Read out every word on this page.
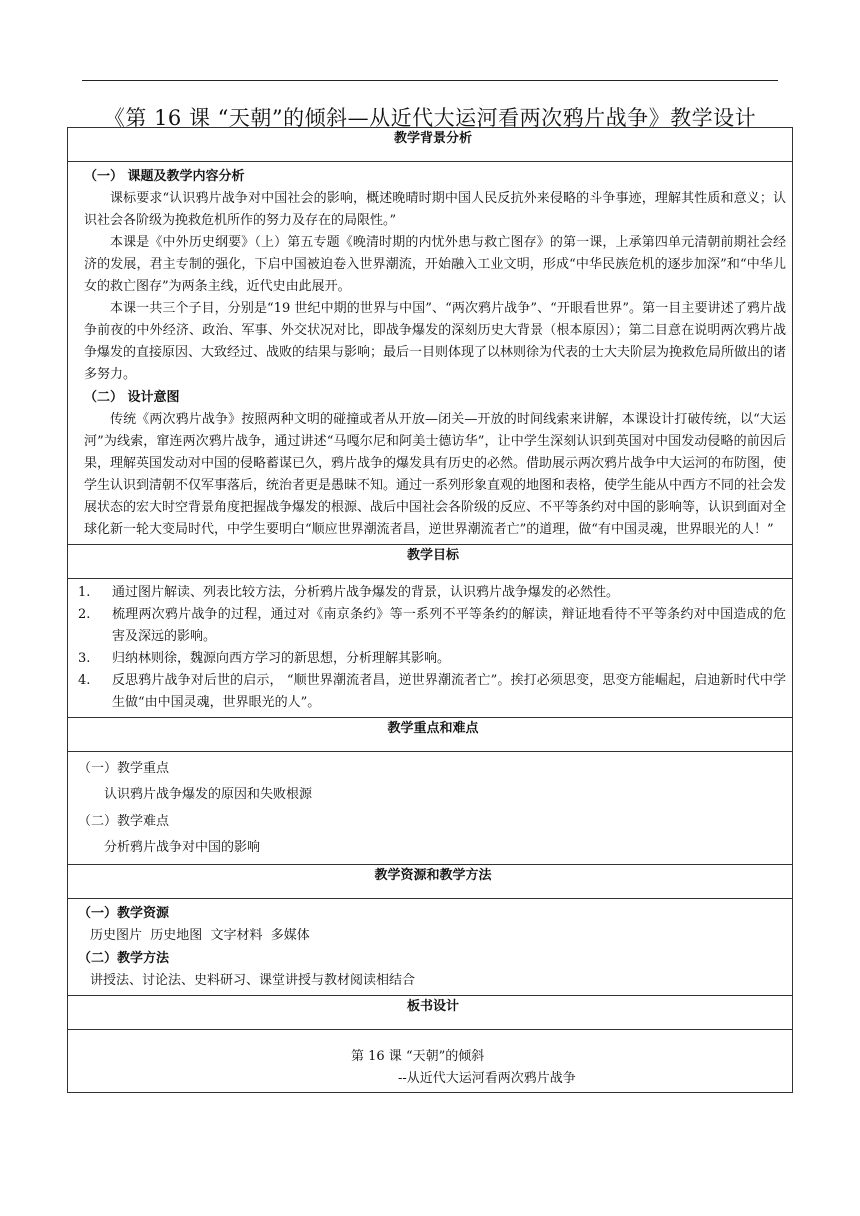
《第 16 课 “天朝”的倾斜—从近代大运河看两次鸦片战争》教学设计
教学背景分析

（一） 课题及教学内容分析

课标要求“认识鸦片战争对中国社会的影响，概述晚晴时期中国人民反抗外来侵略的斗争事迹，理解其性质和意义；认识社会各阶级为挽救危机所作的努力及存在的局限性。”

本课是《中外历史纲要》（上）第五专题《晚清时期的内忧外患与救亡图存》的第一课，上承第四单元清朝前期社会经济的发展，君主专制的强化，下启中国被迫卷入世界潮流，开始融入工业文明，形成“中华民族危机的逐步加深”和“中华儿女的救亡图存”为两条主线，近代史由此展开。

本课一共三个子目，分别是“19 世纪中期的世界与中国”、“两次鸦片战争”、“开眼看世界”。第一目主要讲述了鸦片战争前夜的中外经济、政治、军事、外交状况对比，即战争爆发的深刻历史大背景（根本原因）；第二目意在说明两次鸦片战争爆发的直接原因、大致经过、战败的结果与影响；最后一目则体现了以林则徐为代表的士大夫阶层为挽救危局所做出的诸多努力。

（二） 设计意图

传统《两次鸦片战争》按照两种文明的碰撞或者从开放—闭关—开放的时间线索来讲解，本课设计打破传统，以“大运河”为线索，窜连两次鸦片战争，通过讲述“马嘎尔尼和阿美士德访华”，让中学生深刻认识到英国对中国发动侵略的前因后果，理解英国发动对中国的侵略蓄谋已久，鸦片战争的爆发具有历史的必然。借助展示两次鸦片战争中大运河的布防图，使学生认识到清朝不仅军事落后，统治者更是愚昧不知。通过一系列形象直观的地图和表格，使学生能从中西方不同的社会发展状态的宏大时空背景角度把握战争爆发的根源、战后中国社会各阶级的反应、不平等条约对中国的影响等，认识到面对全球化新一轮大变局时代，中学生要明白“顺应世界潮流者昌，逆世界潮流者亡”的道理，做“有中国灵魂，世界眼光的人！”

教学目标

1.	通过图片解读、列表比较方法，分析鸦片战争爆发的背景，认识鸦片战争爆发的必然性。
2.	梳理两次鸦片战争的过程，通过对《南京条约》等一系列不平等条约的解读，辩证地看待不平等条约对中国造成的危害及深远的影响。
3.	归纳林则徐，魏源向西方学习的新思想，分析理解其影响。
4.	反思鸦片战争对后世的启示， “顺世界潮流者昌，逆世界潮流者亡”。挨打必须思变，思变方能崛起，启迪新时代中学生做“由中国灵魂，世界眼光的人”。

教学重点和难点

（一）教学重点
认识鸦片战争爆发的原因和失败根源
（二）教学难点
分析鸦片战争对中国的影响

教学资源和教学方法

（一）教学资源
历史图片  历史地图  文字材料  多媒体
（二）教学方法
讲授法、讨论法、史料研习、课堂讲授与教材阅读相结合

板书设计

第 16 课 “天朝”的倾斜
--从近代大运河看两次鸦片战争
